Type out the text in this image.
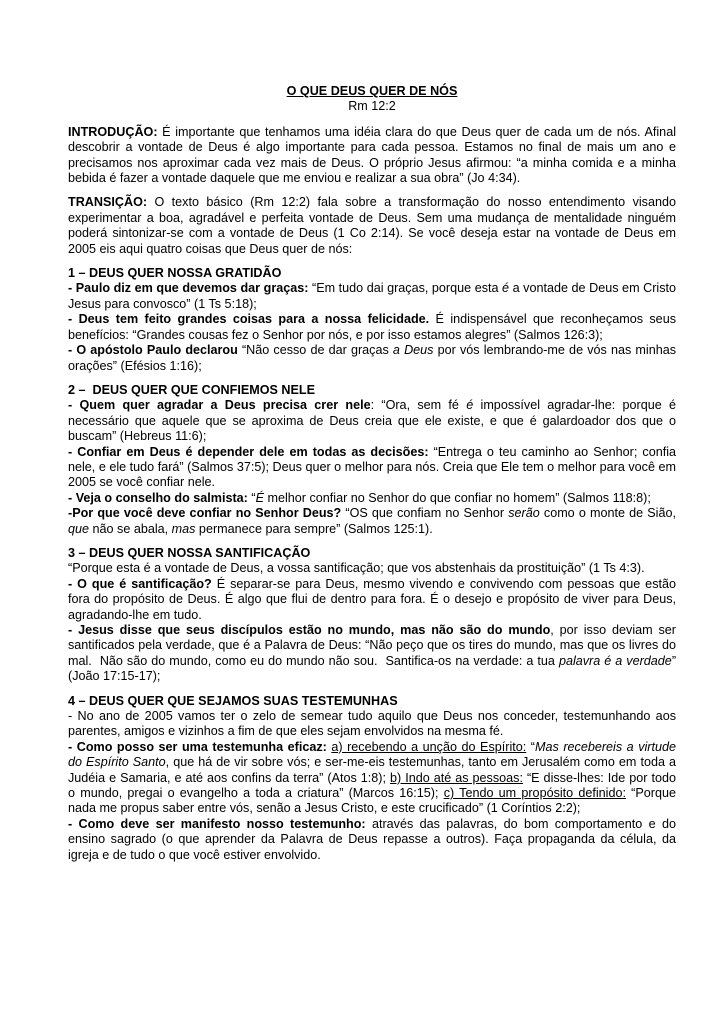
O QUE DEUS QUER DE NÓS

Rm 12:2

INTRODUÇÃO: É importante que tenhamos uma idéia clara do que Deus quer de cada um de nós. Afinal descobrir a vontade de Deus é algo importante para cada pessoa. Estamos no final de mais um ano e precisamos nos aproximar cada vez mais de Deus. O próprio Jesus afirmou: “a minha comida e a minha bebida é fazer a vontade daquele que me enviou e realizar a sua obra” (Jo 4:34).

TRANSIÇÃO: O texto básico (Rm 12:2) fala sobre a transformação do nosso entendimento visando experimentar a boa, agradável e perfeita vontade de Deus. Sem uma mudança de mentalidade ninguém poderá sintonizar-se com a vontade de Deus (1 Co 2:14). Se você deseja estar na vontade de Deus em 2005 eis aqui quatro coisas que Deus quer de nós:

1 – DEUS QUER NOSSA GRATIDÃO

- Paulo diz em que devemos dar graças: “Em tudo dai graças, porque esta é a vontade de Deus em Cristo Jesus para convosco” (1 Ts 5:18);

- Deus tem feito grandes coisas para a nossa felicidade. É indispensável que reconheçamos seus benefícios: “Grandes cousas fez o Senhor por nós, e por isso estamos alegres” (Salmos 126:3);

- O apóstolo Paulo declarou “Não cesso de dar graças a Deus por vós lembrando-me de vós nas minhas orações” (Efésios 1:16);

2 –  DEUS QUER QUE CONFIEMOS NELE

- Quem quer agradar a Deus precisa crer nele: “Ora, sem fé é impossível agradar-lhe: porque é necessário que aquele que se aproxima de Deus creia que ele existe, e que é galardoador dos que o buscam” (Hebreus 11:6);

- Confiar em Deus é depender dele em todas as decisões: “Entrega o teu caminho ao Senhor; confia nele, e ele tudo fará” (Salmos 37:5); Deus quer o melhor para nós. Creia que Ele tem o melhor para você em 2005 se você confiar nele.

- Veja o conselho do salmista: “É melhor confiar no Senhor do que confiar no homem” (Salmos 118:8);

-Por que você deve confiar no Senhor Deus? “OS que confiam no Senhor serão como o monte de Sião, que não se abala, mas permanece para sempre” (Salmos 125:1).

3 – DEUS QUER NOSSA SANTIFICAÇÃO

“Porque esta é a vontade de Deus, a vossa santificação; que vos abstenhais da prostituição” (1 Ts 4:3).

- O que é santificação? É separar-se para Deus, mesmo vivendo e convivendo com pessoas que estão fora do propósito de Deus. É algo que flui de dentro para fora. É o desejo e propósito de viver para Deus, agradando-lhe em tudo.

- Jesus disse que seus discípulos estão no mundo, mas não são do mundo, por isso deviam ser santificados pela verdade, que é a Palavra de Deus: “Não peço que os tires do mundo, mas que os livres do mal.  Não são do mundo, como eu do mundo não sou.  Santifica-os na verdade: a tua palavra é a verdade” (João 17:15-17);

4 – DEUS QUER QUE SEJAMOS SUAS TESTEMUNHAS

- No ano de 2005 vamos ter o zelo de semear tudo aquilo que Deus nos conceder, testemunhando aos parentes, amigos e vizinhos a fim de que eles sejam envolvidos na mesma fé.

- Como posso ser uma testemunha eficaz: a) recebendo a unção do Espírito: “Mas recebereis a virtude do Espírito Santo, que há de vir sobre vós; e ser-me-eis testemunhas, tanto em Jerusalém como em toda a Judéia e Samaria, e até aos confins da terra” (Atos 1:8); b) Indo até as pessoas: “E disse-lhes: Ide por todo o mundo, pregai o evangelho a toda a criatura” (Marcos 16:15); c) Tendo um propósito definido: “Porque nada me propus saber entre vós, senão a Jesus Cristo, e este crucificado” (1 Coríntios 2:2);

- Como deve ser manifesto nosso testemunho: através das palavras, do bom comportamento e do ensino sagrado (o que aprender da Palavra de Deus repasse a outros). Faça propaganda da célula, da igreja e de tudo o que você estiver envolvido.
